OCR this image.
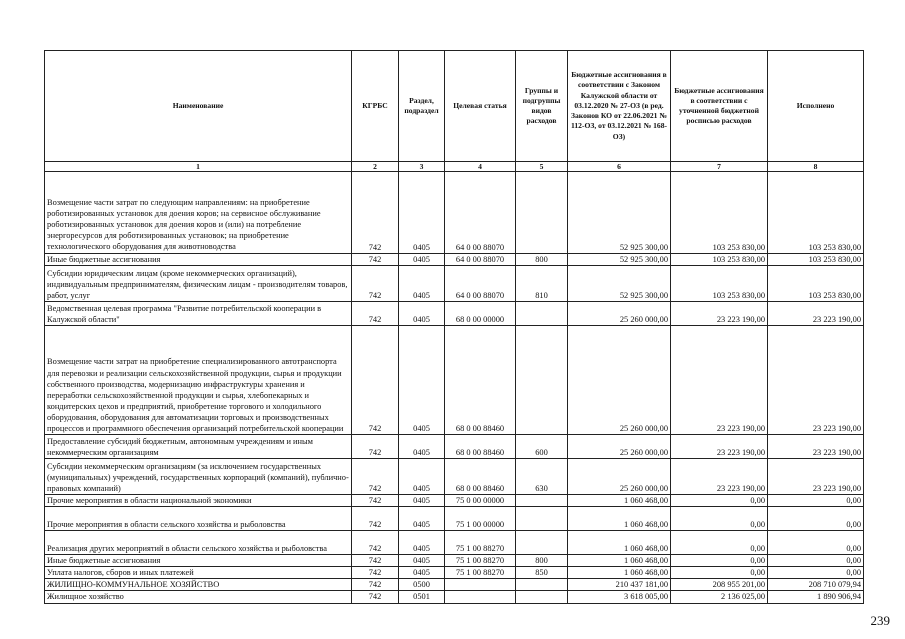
Наименование	КГРБС	Раздел, подраздел	Целевая статья	Группы и подгруппы видов расходов	Бюджетные ассигнования в соответствии с Законом Калужской области от 03.12.2020 № 27-ОЗ (в ред. Законов КО от 22.06.2021 № 112-ОЗ, от 03.12.2021 № 168-ОЗ)	Бюджетные ассигнования в соответствии с уточненной бюджетной росписью расходов	Исполнено
1	2	3	4	5	6	7	8
Возмещение части затрат по следующим направлениям: на приобретение роботизированных установок для доения коров; на сервисное обслуживание роботизированных установок для доения коров и (или) на потребление энергоресурсов для роботизированных установок; на приобретение технологического оборудования для животноводства	742	0405	64 0 00 88070		52 925 300,00	103 253 830,00	103 253 830,00
Иные бюджетные ассигнования	742	0405	64 0 00 88070	800	52 925 300,00	103 253 830,00	103 253 830,00
Субсидии юридическим лицам (кроме некоммерческих организаций), индивидуальным предпринимателям, физическим лицам - производителям товаров, работ, услуг	742	0405	64 0 00 88070	810	52 925 300,00	103 253 830,00	103 253 830,00
Ведомственная целевая программа "Развитие потребительской кооперации в Калужской области"	742	0405	68 0 00 00000		25 260 000,00	23 223 190,00	23 223 190,00
Возмещение части затрат на приобретение специализированного автотранспорта для перевозки и реализации сельскохозяйственной продукции, сырья и продукции собственного производства, модернизацию инфраструктуры хранения и переработки сельскохозяйственной продукции и сырья, хлебопекарных и кондитерских цехов и предприятий, приобретение торгового и холодильного оборудования, оборудования для автоматизации торговых и производственных процессов и программного обеспечения организаций потребительской кооперации	742	0405	68 0 00 88460		25 260 000,00	23 223 190,00	23 223 190,00
Предоставление субсидий бюджетным, автономным учреждениям и иным некоммерческим организациям	742	0405	68 0 00 88460	600	25 260 000,00	23 223 190,00	23 223 190,00
Субсидии некоммерческим организациям (за исключением государственных (муниципальных) учреждений, государственных корпораций (компаний), публично-правовых компаний)	742	0405	68 0 00 88460	630	25 260 000,00	23 223 190,00	23 223 190,00
Прочие мероприятия в области национальной экономики	742	0405	75 0 00 00000		1 060 468,00	0,00	0,00
Прочие мероприятия в области сельского хозяйства и рыболовства	742	0405	75 1 00 00000		1 060 468,00	0,00	0,00
Реализация других мероприятий в области сельского хозяйства и рыболовства	742	0405	75 1 00 88270		1 060 468,00	0,00	0,00
Иные бюджетные ассигнования	742	0405	75 1 00 88270	800	1 060 468,00	0,00	0,00
Уплата налогов, сборов и иных платежей	742	0405	75 1 00 88270	850	1 060 468,00	0,00	0,00
ЖИЛИЩНО-КОММУНАЛЬНОЕ ХОЗЯЙСТВО	742	0500			210 437 181,00	208 955 201,00	208 710 079,94
Жилищное хозяйство	742	0501			3 618 005,00	2 136 025,00	1 890 906,94
239
